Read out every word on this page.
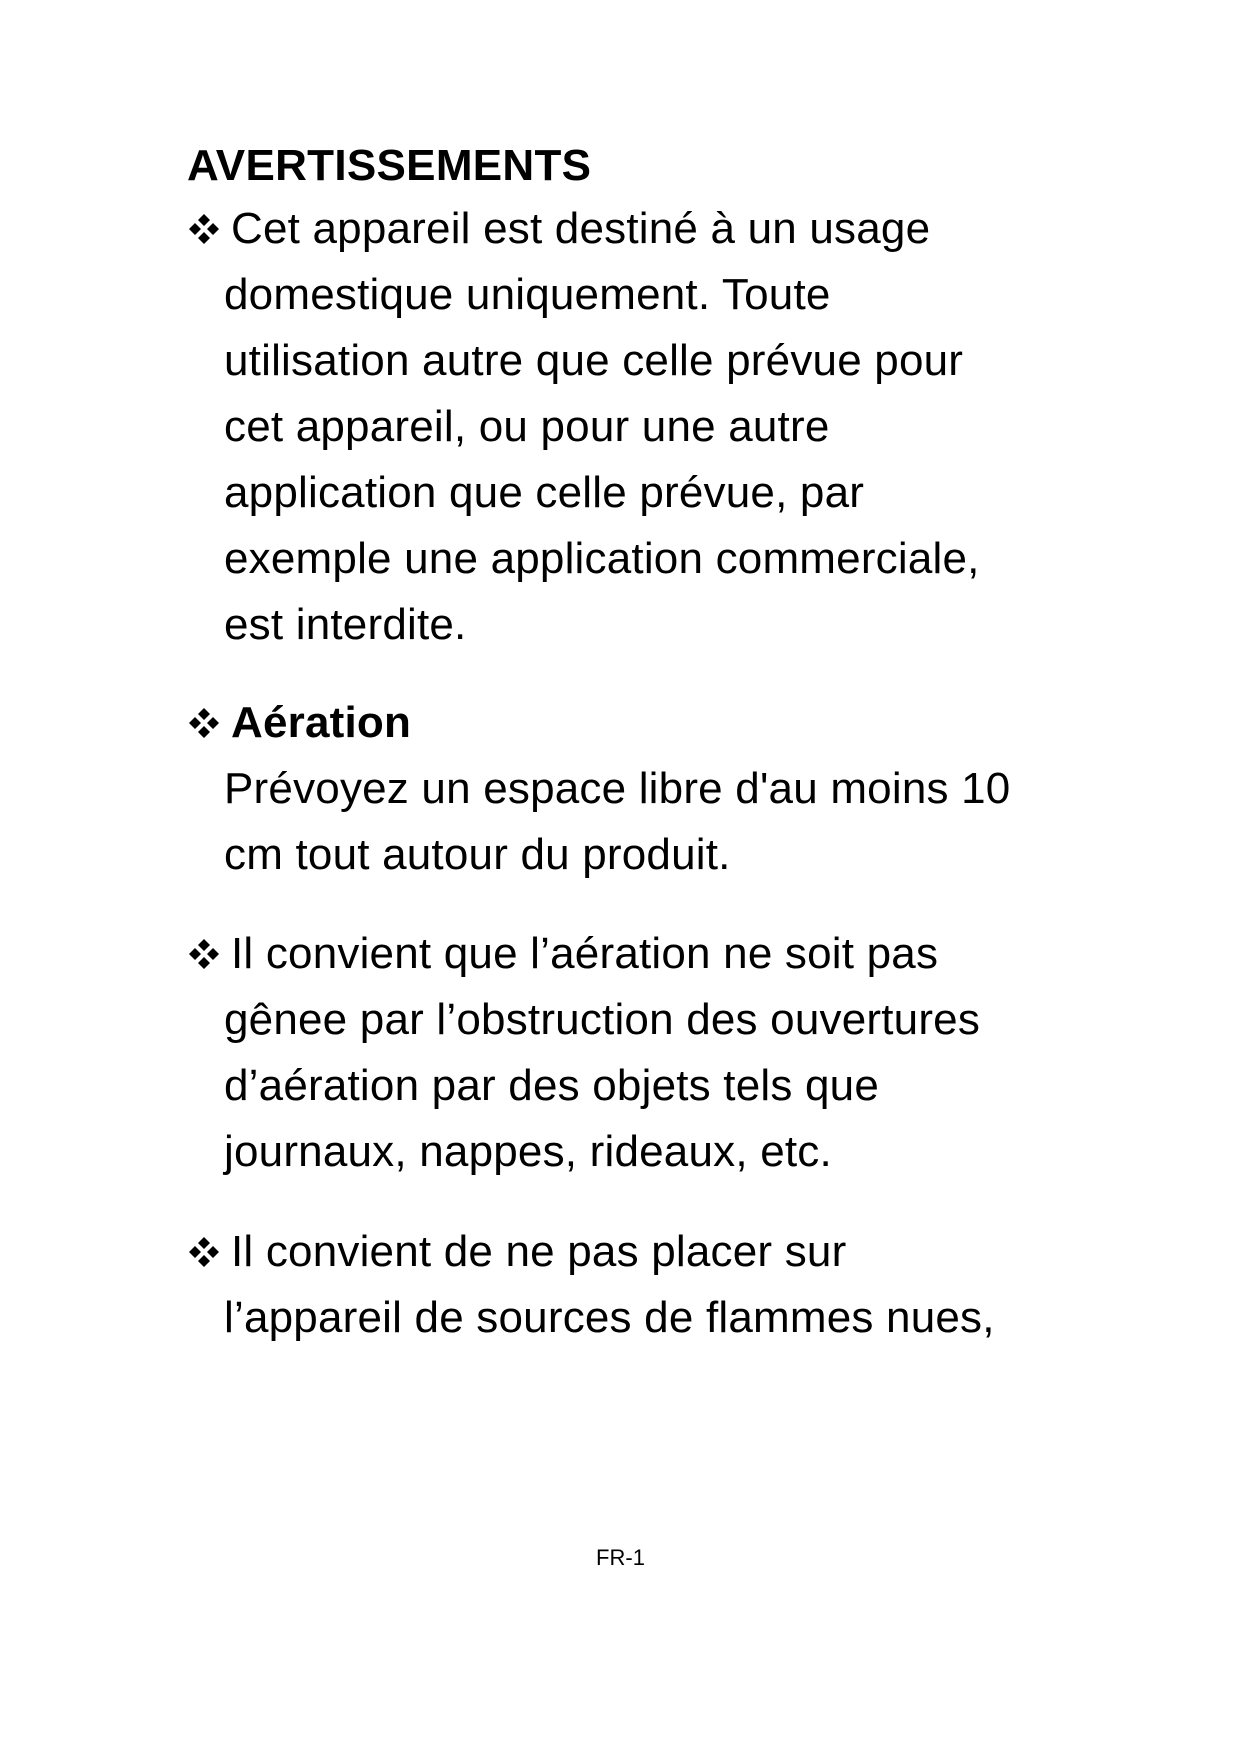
AVERTISSEMENTS
Cet appareil est destiné à un usage
domestique uniquement. Toute
utilisation autre que celle prévue pour
cet appareil, ou pour une autre
application que celle prévue, par
exemple une application commerciale,
est interdite.
Aération
Prévoyez un espace libre d'au moins 10
cm tout autour du produit.
Il convient que l’aération ne soit pas
gênee par l’obstruction des ouvertures
d’aération par des objets tels que
journaux, nappes, rideaux, etc.
Il convient de ne pas placer sur
l’appareil de sources de flammes nues,
FR-1
